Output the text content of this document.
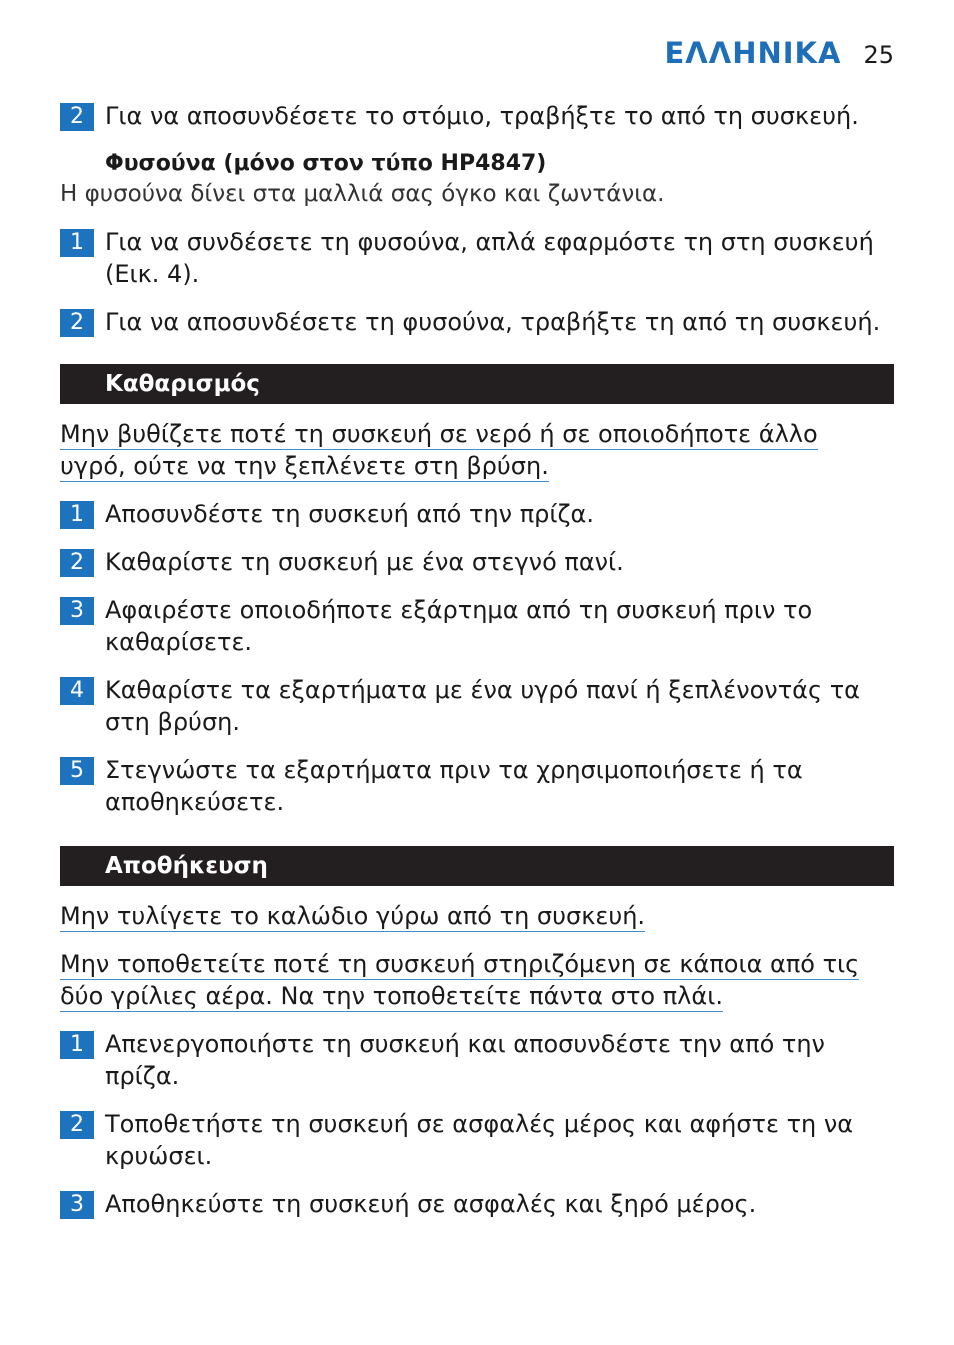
ΕΛΛΗΝΙΚΑ 25
2 Για να αποσυνδέσετε το στόμιο, τραβήξτε το από τη συσκευή.
Φυσούνα (μόνο στον τύπο HP4847)
Η φυσούνα δίνει στα μαλλιά σας όγκο και ζωντάνια.
1 Για να συνδέσετε τη φυσούνα, απλά εφαρμόστε τη στη συσκευή (Εικ. 4).
2 Για να αποσυνδέσετε τη φυσούνα, τραβήξτε τη από τη συσκευή.
Καθαρισμός
Μην βυθίζετε ποτέ τη συσκευή σε νερό ή σε οποιοδήποτε άλλο
υγρό, ούτε να την ξεπλένετε στη βρύση.
1 Αποσυνδέστε τη συσκευή από την πρίζα.
2 Καθαρίστε τη συσκευή με ένα στεγνό πανί.
3 Αφαιρέστε οποιοδήποτε εξάρτημα από τη συσκευή πριν το καθαρίσετε.
4 Καθαρίστε τα εξαρτήματα με ένα υγρό πανί ή ξεπλένοντάς τα στη βρύση.
5 Στεγνώστε τα εξαρτήματα πριν τα χρησιμοποιήσετε ή τα αποθηκεύσετε.
Αποθήκευση
Μην τυλίγετε το καλώδιο γύρω από τη συσκευή.
Μην τοποθετείτε ποτέ τη συσκευή στηριζόμενη σε κάποια από τις
δύο γρίλιες αέρα. Να την τοποθετείτε πάντα στο πλάι.
1 Απενεργοποιήστε τη συσκευή και αποσυνδέστε την από την πρίζα.
2 Τοποθετήστε τη συσκευή σε ασφαλές μέρος και αφήστε τη να κρυώσει.
3 Αποθηκεύστε τη συσκευή σε ασφαλές και ξηρό μέρος.
